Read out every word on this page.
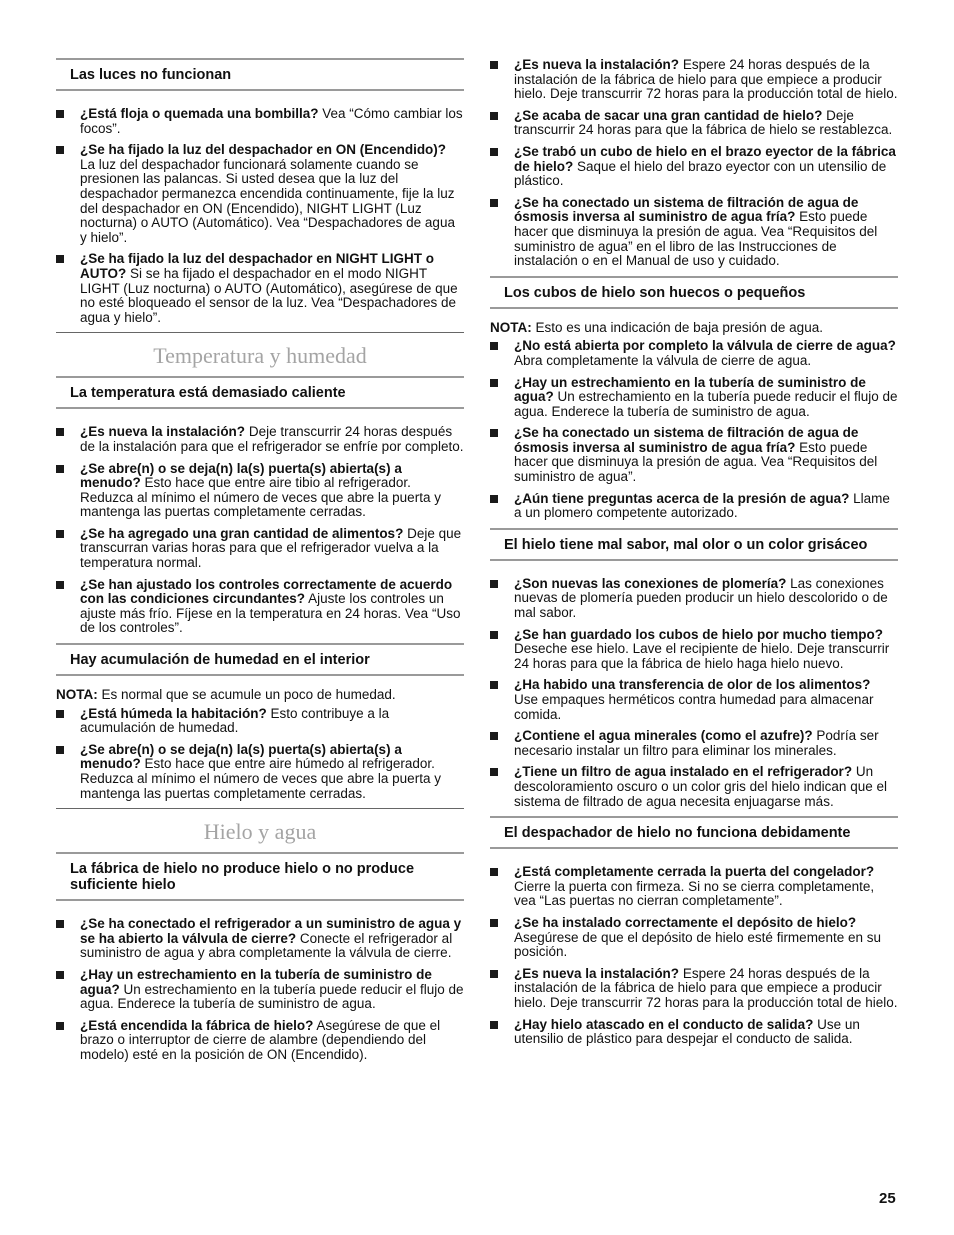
Las luces no funcionan
¿Está floja o quemada una bombilla? Vea “Cómo cambiar los focos”.
¿Se ha fijado la luz del despachador en ON (Encendido)? La luz del despachador funcionará solamente cuando se presionen las palancas. Si usted desea que la luz del despachador permanezca encendida continuamente, fije la luz del despachador en ON (Encendido), NIGHT LIGHT (Luz nocturna) o AUTO (Automático). Vea “Despachadores de agua y hielo”.
¿Se ha fijado la luz del despachador en NIGHT LIGHT o AUTO? Si se ha fijado el despachador en el modo NIGHT LIGHT (Luz nocturna) o AUTO (Automático), asegúrese de que no esté bloqueado el sensor de la luz. Vea “Despachadores de agua y hielo”.
Temperatura y humedad
La temperatura está demasiado caliente
¿Es nueva la instalación? Deje transcurrir 24 horas después de la instalación para que el refrigerador se enfríe por completo.
¿Se abre(n) o se deja(n) la(s) puerta(s) abierta(s) a menudo? Esto hace que entre aire tibio al refrigerador. Reduzca al mínimo el número de veces que abre la puerta y mantenga las puertas completamente cerradas.
¿Se ha agregado una gran cantidad de alimentos? Deje que transcurran varias horas para que el refrigerador vuelva a la temperatura normal.
¿Se han ajustado los controles correctamente de acuerdo con las condiciones circundantes? Ajuste los controles un ajuste más frío. Fíjese en la temperatura en 24 horas. Vea “Uso de los controles”.
Hay acumulación de humedad en el interior
NOTA: Es normal que se acumule un poco de humedad.
¿Está húmeda la habitación? Esto contribuye a la acumulación de humedad.
¿Se abre(n) o se deja(n) la(s) puerta(s) abierta(s) a menudo? Esto hace que entre aire húmedo al refrigerador. Reduzca al mínimo el número de veces que abre la puerta y mantenga las puertas completamente cerradas.
Hielo y agua
La fábrica de hielo no produce hielo o no produce suficiente hielo
¿Se ha conectado el refrigerador a un suministro de agua y se ha abierto la válvula de cierre? Conecte el refrigerador al suministro de agua y abra completamente la válvula de cierre.
¿Hay un estrechamiento en la tubería de suministro de agua? Un estrechamiento en la tubería puede reducir el flujo de agua. Enderece la tubería de suministro de agua.
¿Está encendida la fábrica de hielo? Asegúrese de que el brazo o interruptor de cierre de alambre (dependiendo del modelo) esté en la posición de ON (Encendido).
¿Es nueva la instalación? Espere 24 horas después de la instalación de la fábrica de hielo para que empiece a producir hielo. Deje transcurrir 72 horas para la producción total de hielo.
¿Se acaba de sacar una gran cantidad de hielo? Deje transcurrir 24 horas para que la fábrica de hielo se restablezca.
¿Se trabó un cubo de hielo en el brazo eyector de la fábrica de hielo? Saque el hielo del brazo eyector con un utensilio de plástico.
¿Se ha conectado un sistema de filtración de agua de ósmosis inversa al suministro de agua fría? Esto puede hacer que disminuya la presión de agua. Vea “Requisitos del suministro de agua” en el libro de las Instrucciones de instalación o en el Manual de uso y cuidado.
Los cubos de hielo son huecos o pequeños
NOTA: Esto es una indicación de baja presión de agua.
¿No está abierta por completo la válvula de cierre de agua? Abra completamente la válvula de cierre de agua.
¿Hay un estrechamiento en la tubería de suministro de agua? Un estrechamiento en la tubería puede reducir el flujo de agua. Enderece la tubería de suministro de agua.
¿Se ha conectado un sistema de filtración de agua de ósmosis inversa al suministro de agua fría? Esto puede hacer que disminuya la presión de agua. Vea “Requisitos del suministro de agua”.
¿Aún tiene preguntas acerca de la presión de agua? Llame a un plomero competente autorizado.
El hielo tiene mal sabor, mal olor o un color grisáceo
¿Son nuevas las conexiones de plomería? Las conexiones nuevas de plomería pueden producir un hielo descolorido o de mal sabor.
¿Se han guardado los cubos de hielo por mucho tiempo? Deseche ese hielo. Lave el recipiente de hielo. Deje transcurrir 24 horas para que la fábrica de hielo haga hielo nuevo.
¿Ha habido una transferencia de olor de los alimentos? Use empaques herméticos contra humedad para almacenar comida.
¿Contiene el agua minerales (como el azufre)? Podría ser necesario instalar un filtro para eliminar los minerales.
¿Tiene un filtro de agua instalado en el refrigerador? Un descoloramiento oscuro o un color gris del hielo indican que el sistema de filtrado de agua necesita enjuagarse más.
El despachador de hielo no funciona debidamente
¿Está completamente cerrada la puerta del congelador? Cierre la puerta con firmeza. Si no se cierra completamente, vea “Las puertas no cierran completamente”.
¿Se ha instalado correctamente el depósito de hielo? Asegúrese de que el depósito de hielo esté firmemente en su posición.
¿Es nueva la instalación? Espere 24 horas después de la instalación de la fábrica de hielo para que empiece a producir hielo. Deje transcurrir 72 horas para la producción total de hielo.
¿Hay hielo atascado en el conducto de salida? Use un utensilio de plástico para despejar el conducto de salida.
25
